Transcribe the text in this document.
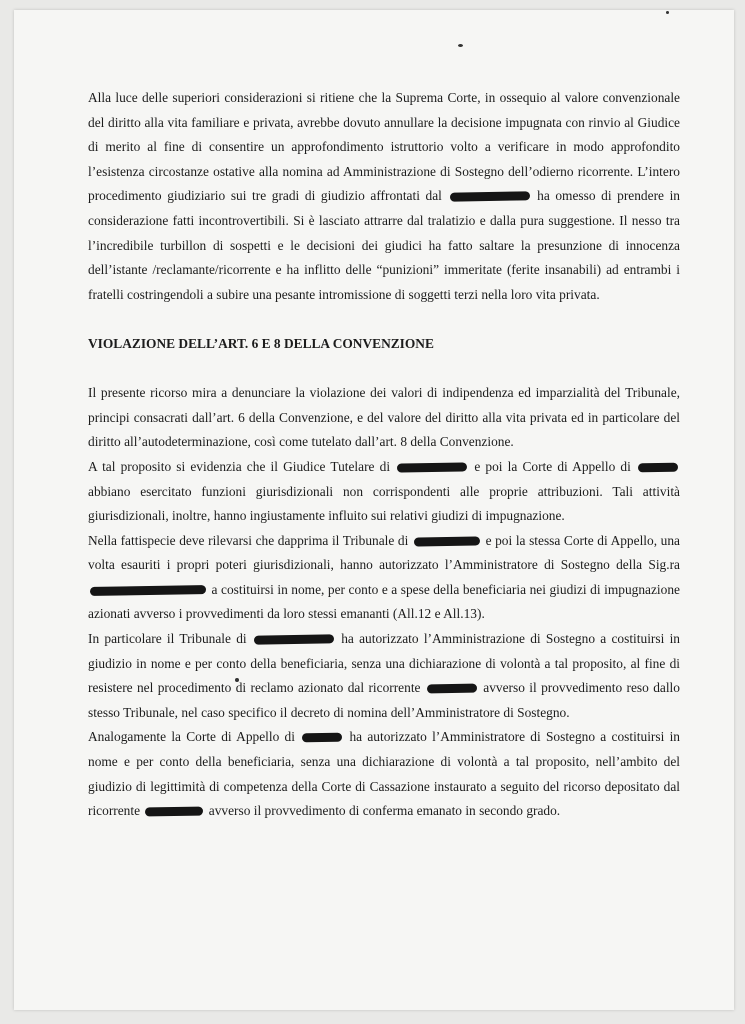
Alla luce delle superiori considerazioni si ritiene che la Suprema Corte, in ossequio al valore convenzionale del diritto alla vita familiare e privata, avrebbe dovuto annullare la decisione impugnata con rinvio al Giudice di merito al fine di consentire un approfondimento istruttorio volto a verificare in modo approfondito l’esistenza circostanze ostative alla nomina ad Amministrazione di Sostegno dell’odierno ricorrente. L’intero procedimento giudiziario sui tre gradi di giudizio affrontati dal	ha omesso di prendere in considerazione fatti incontrovertibili. Si è lasciato attrarre dal tralatizio e dalla pura suggestione. Il nesso tra l’incredibile turbillon di sospetti e le decisioni dei giudici ha fatto saltare la presunzione di innocenza dell’istante /reclamante/ricorrente e ha inflitto delle “punizioni” immeritate (ferite insanabili) ad entrambi i fratelli costringendoli a subire una pesante intromissione di soggetti terzi nella loro vita privata.

VIOLAZIONE DELL’ART. 6 E 8 DELLA CONVENZIONE

Il presente ricorso mira a denunciare la violazione dei valori di indipendenza ed imparzialità del Tribunale, principi consacrati dall’art. 6 della Convenzione, e del valore del diritto alla vita privata ed in particolare del diritto all’autodeterminazione, così come tutelato dall’art. 8 della Convenzione.

A tal proposito si evidenzia che il Giudice Tutelare di	e poi la Corte di Appello di  abbiano esercitato funzioni giurisdizionali non corrispondenti alle proprie attribuzioni. Tali attività giurisdizionali, inoltre, hanno ingiustamente influito sui relativi giudizi di impugnazione.

Nella fattispecie deve rilevarsi che dapprima il Tribunale di	e poi la stessa Corte di Appello, una volta esauriti i propri poteri giurisdizionali, hanno autorizzato l’Amministratore di Sostegno della Sig.ra  a costituirsi in nome, per conto e a spese della beneficiaria nei giudizi di impugnazione azionati avverso i provvedimenti da loro stessi emananti (All.12 e All.13).

In particolare il Tribunale di	ha autorizzato l’Amministrazione di Sostegno a costituirsi in giudizio in nome e per conto della beneficiaria, senza una dichiarazione di volontà a tal proposito, al fine di resistere nel procedimento di reclamo azionato dal ricorrente	avverso il provvedimento reso dallo stesso Tribunale, nel caso specifico il decreto di nomina dell’Amministratore di Sostegno.

Analogamente la Corte di Appello di	ha autorizzato l’Amministratore di Sostegno a costituirsi in nome e per conto della beneficiaria, senza una dichiarazione di volontà a tal proposito, nell’ambito del giudizio di legittimità di competenza della Corte di Cassazione instaurato a seguito del ricorso depositato dal ricorrente	avverso il provvedimento di conferma emanato in secondo grado.
